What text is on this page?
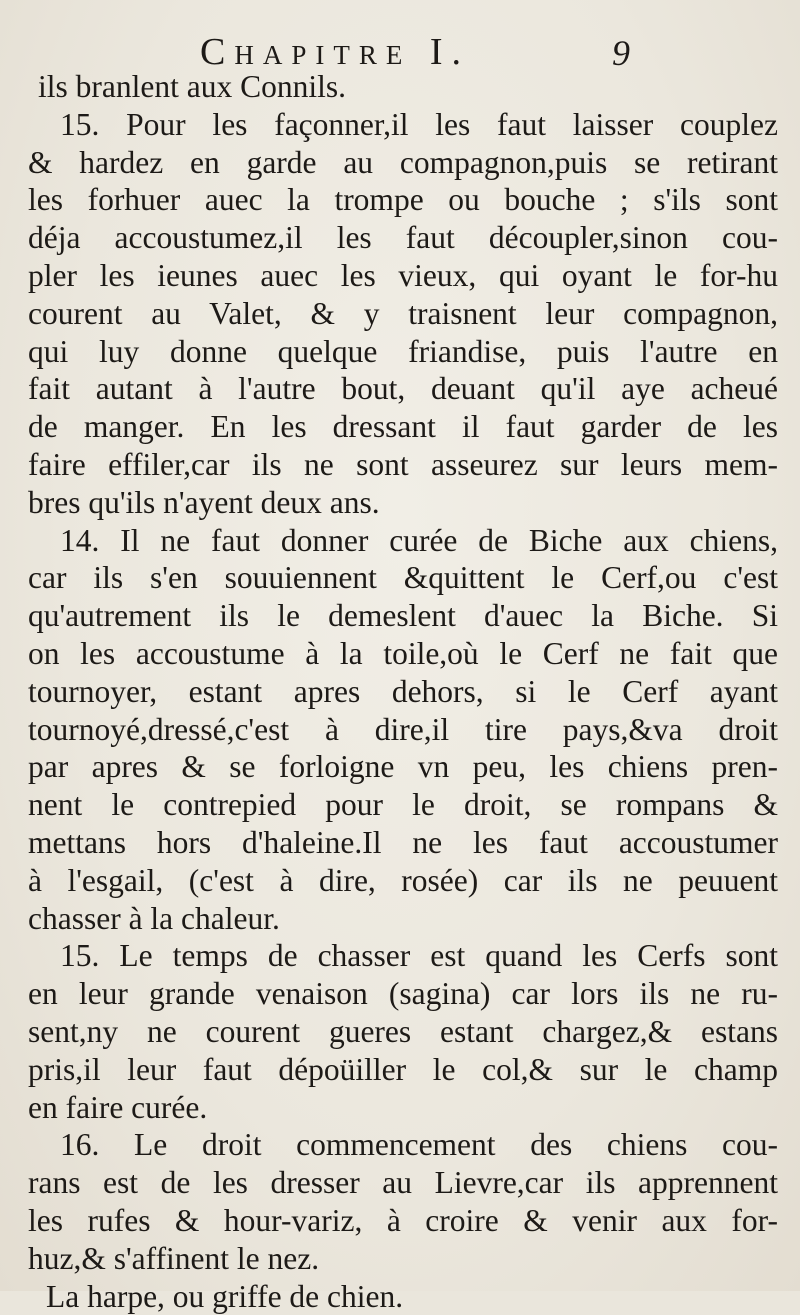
Chapitre I.	9
ils branlent aux Connils.
15. Pour les façonner,il les faut laisser couplez
& hardez en garde au compagnon,puis se retirant
les forhuer auec la trompe ou bouche ; s'ils sont
déja accoustumez,il les faut découpler,sinon cou-
pler les ieunes auec les vieux, qui oyant le for-hu
courent au Valet, & y traisnent leur compagnon,
qui luy donne quelque friandise, puis l'autre en
fait autant à l'autre bout, deuant qu'il aye acheué
de manger. En les dressant il faut garder de les
faire effiler,car ils ne sont asseurez sur leurs mem-
bres qu'ils n'ayent deux ans.
14. Il ne faut donner curée de Biche aux chiens,
car ils s'en souuiennent &quittent le Cerf,ou c'est
qu'autrement ils le demeslent d'auec la Biche. Si
on les accoustume à la toile,où le Cerf ne fait que
tournoyer, estant apres dehors, si le Cerf ayant
tournoyé,dressé,c'est à dire,il tire pays,&va droit
par apres & se forloigne vn peu, les chiens pren-
nent le contrepied pour le droit, se rompans &
mettans hors d'haleine.Il ne les faut accoustumer
à l'esgail, (c'est à dire, rosée) car ils ne peuuent
chasser à la chaleur.
15. Le temps de chasser est quand les Cerfs sont
en leur grande venaison (sagina) car lors ils ne ru-
sent,ny ne courent gueres estant chargez,& estans
pris,il leur faut dépoüiller le col,& sur le champ
en faire curée.
16. Le droit commencement des chiens cou-
rans est de les dresser au Lievre,car ils apprennent
les rufes & hour-variz, à croire & venir aux for-
huz,& s'affinent le nez.
La harpe, ou griffe de chien.
